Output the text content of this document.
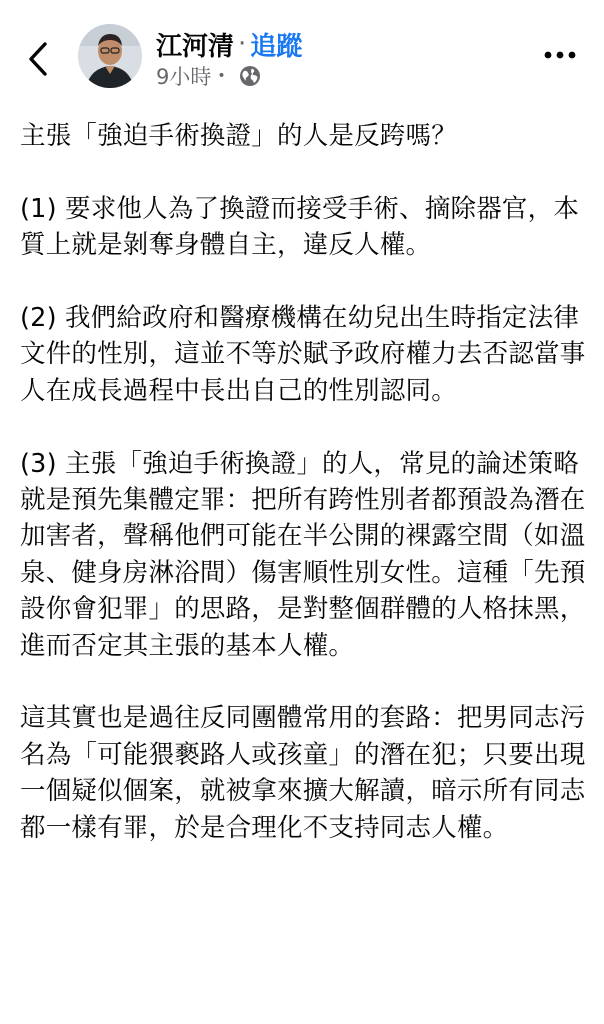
江河清 · 追蹤
9小時 •

主張「強迫手術換證」的人是反跨嗎？

(1) 要求他人為了換證而接受手術、摘除器官，本質上就是剝奪身體自主，違反人權。

(2) 我們給政府和醫療機構在幼兒出生時指定法律文件的性別，這並不等於賦予政府權力去否認當事人在成長過程中長出自己的性別認同。

(3) 主張「強迫手術換證」的人，常見的論述策略就是預先集體定罪：把所有跨性別者都預設為潛在加害者，聲稱他們可能在半公開的裸露空間（如溫泉、健身房淋浴間）傷害順性別女性。這種「先預設你會犯罪」的思路，是對整個群體的人格抹黑，進而否定其主張的基本人權。

這其實也是過往反同團體常用的套路：把男同志污名為「可能猥褻路人或孩童」的潛在犯；只要出現一個疑似個案，就被拿來擴大解讀，暗示所有同志都一樣有罪，於是合理化不支持同志人權。
